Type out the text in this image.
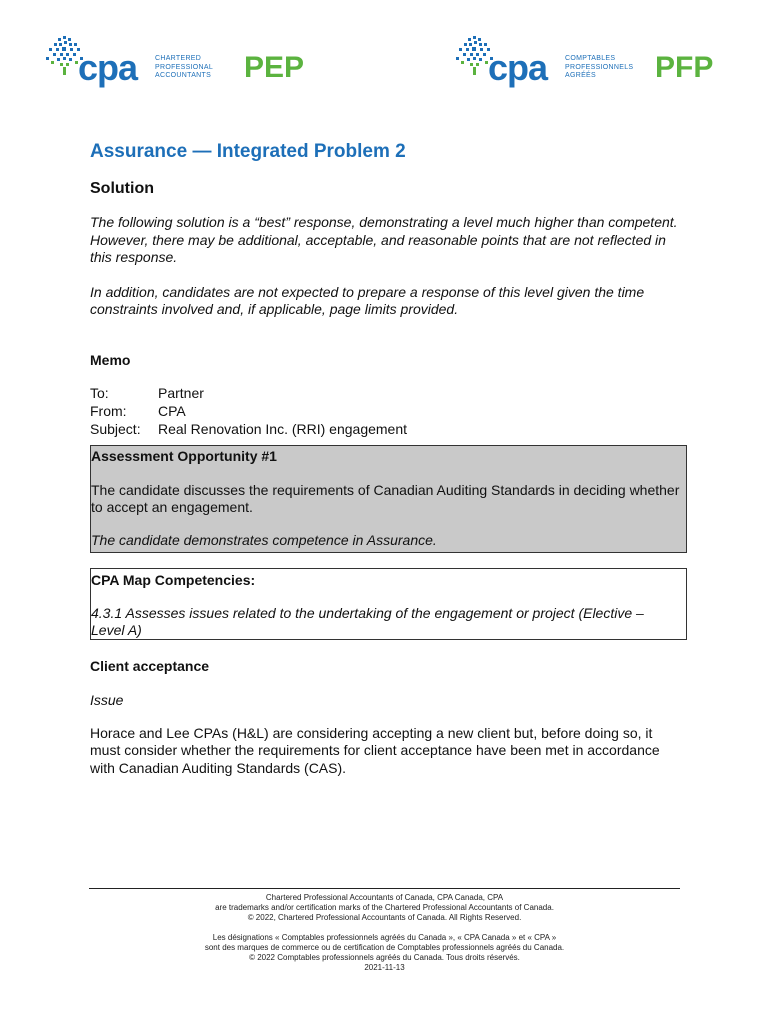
cpa	CHARTERED
PROFESSIONAL
ACCOUNTANTS PEP	cpa	COMPTABLES
PROFESSIONNELS
AGRÉÉS	PFP
Assurance — Integrated Problem 2
Solution

The following solution is a “best” response, demonstrating a level much higher than competent. However, there may be additional, acceptable, and reasonable points that are not reflected in this response.

In addition, candidates are not expected to prepare a response of this level given the time constraints involved and, if applicable, page limits provided.

Memo
To:	Partner
From:	CPA
Subject:	Real Renovation Inc. (RRI) engagement
Assessment Opportunity #1
The candidate discusses the requirements of Canadian Auditing Standards in deciding whether to accept an engagement.
The candidate demonstrates competence in Assurance.
CPA Map Competencies:
4.3.1 Assesses issues related to the undertaking of the engagement or project (Elective – Level A)
Client acceptance

Issue

Horace and Lee CPAs (H&L) are considering accepting a new client but, before doing so, it must consider whether the requirements for client acceptance have been met in accordance with Canadian Auditing Standards (CAS).

Chartered Professional Accountants of Canada, CPA Canada, CPA
are trademarks and/or certification marks of the Chartered Professional Accountants of Canada.
© 2022, Chartered Professional Accountants of Canada. All Rights Reserved.
Les désignations « Comptables professionnels agréés du Canada », « CPA Canada » et « CPA »
sont des marques de commerce ou de certification de Comptables professionnels agréés du Canada.
© 2022 Comptables professionnels agréés du Canada. Tous droits réservés.
2021-11-13
